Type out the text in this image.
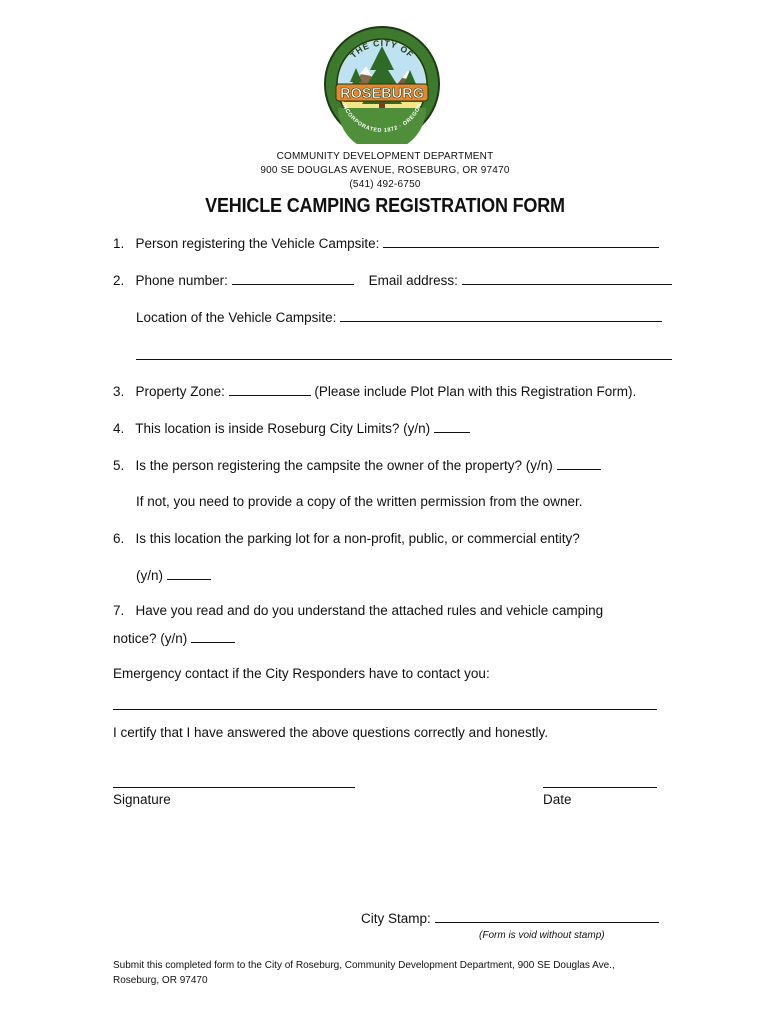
THE CITY OF
ROSEBURG
INCORPORATED 1872 · OREGON
COMMUNITY DEVELOPMENT DEPARTMENT
900 SE DOUGLAS AVENUE, ROSEBURG, OR 97470
(541) 492-6750
VEHICLE CAMPING REGISTRATION FORM
1. Person registering the Vehicle Campsite:
2. Phone number:	Email address:
Location of the Vehicle Campsite:
3. Property Zone:	(Please include Plot Plan with this Registration Form).
4. This location is inside Roseburg City Limits? (y/n)
5. Is the person registering the campsite the owner of the property? (y/n)
If not, you need to provide a copy of the written permission from the owner.
6. Is this location the parking lot for a non-profit, public, or commercial entity?
(y/n)
7. Have you read and do you understand the attached rules and vehicle camping
notice? (y/n)
Emergency contact if the City Responders have to contact you:
I certify that I have answered the above questions correctly and honestly.
Signature	Date
City Stamp:
(Form is void without stamp)
Submit this completed form to the City of Roseburg, Community Development Department, 900 SE Douglas Ave.,
Roseburg, OR 97470
